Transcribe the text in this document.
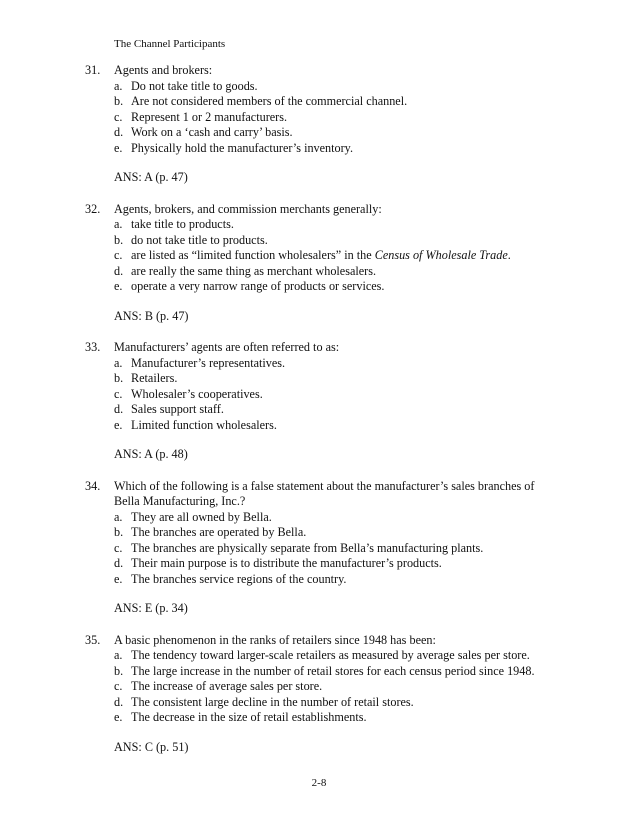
The Channel Participants
31. Agents and brokers:
a. Do not take title to goods.
b. Are not considered members of the commercial channel.
c. Represent 1 or 2 manufacturers.
d. Work on a ‘cash and carry’ basis.
e. Physically hold the manufacturer’s inventory.
ANS: A (p. 47)
32. Agents, brokers, and commission merchants generally:
a. take title to products.
b. do not take title to products.
c. are listed as “limited function wholesalers” in the Census of Wholesale Trade.
d. are really the same thing as merchant wholesalers.
e. operate a very narrow range of products or services.
ANS: B (p. 47)
33. Manufacturers’ agents are often referred to as:
a. Manufacturer’s representatives.
b. Retailers.
c. Wholesaler’s cooperatives.
d. Sales support staff.
e. Limited function wholesalers.
ANS: A (p. 48)
34. Which of the following is a false statement about the manufacturer’s sales branches of
Bella Manufacturing, Inc.?
a. They are all owned by Bella.
b. The branches are operated by Bella.
c. The branches are physically separate from Bella’s manufacturing plants.
d. Their main purpose is to distribute the manufacturer’s products.
e. The branches service regions of the country.
ANS: E (p. 34)
35. A basic phenomenon in the ranks of retailers since 1948 has been:
a. The tendency toward larger-scale retailers as measured by average sales per store.
b. The large increase in the number of retail stores for each census period since 1948.
c. The increase of average sales per store.
d. The consistent large decline in the number of retail stores.
e. The decrease in the size of retail establishments.
ANS: C (p. 51)
2-8
